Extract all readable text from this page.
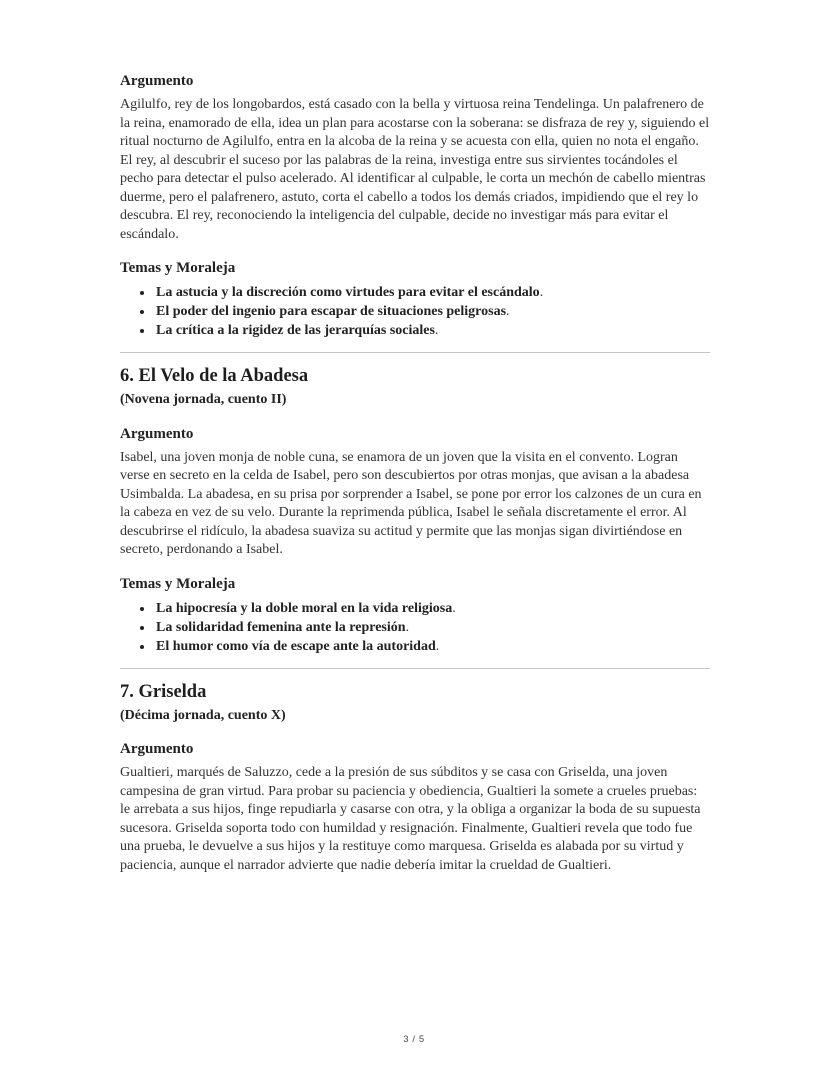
Argumento

Agilulfo, rey de los longobardos, está casado con la bella y virtuosa reina Tendelinga. Un palafrenero de la reina, enamorado de ella, idea un plan para acostarse con la soberana: se disfraza de rey y, siguiendo el ritual nocturno de Agilulfo, entra en la alcoba de la reina y se acuesta con ella, quien no nota el engaño. El rey, al descubrir el suceso por las palabras de la reina, investiga entre sus sirvientes tocándoles el pecho para detectar el pulso acelerado. Al identificar al culpable, le corta un mechón de cabello mientras duerme, pero el palafrenero, astuto, corta el cabello a todos los demás criados, impidiendo que el rey lo descubra. El rey, reconociendo la inteligencia del culpable, decide no investigar más para evitar el escándalo.

Temas y Moraleja
• La astucia y la discreción como virtudes para evitar el escándalo.
• El poder del ingenio para escapar de situaciones peligrosas.
• La crítica a la rigidez de las jerarquías sociales.
6. El Velo de la Abadesa

(Novena jornada, cuento II)

Argumento

Isabel, una joven monja de noble cuna, se enamora de un joven que la visita en el convento. Logran verse en secreto en la celda de Isabel, pero son descubiertos por otras monjas, que avisan a la abadesa Usimbalda. La abadesa, en su prisa por sorprender a Isabel, se pone por error los calzones de un cura en la cabeza en vez de su velo. Durante la reprimenda pública, Isabel le señala discretamente el error. Al descubrirse el ridículo, la abadesa suaviza su actitud y permite que las monjas sigan divirtiéndose en secreto, perdonando a Isabel.

Temas y Moraleja
• La hipocresía y la doble moral en la vida religiosa.
• La solidaridad femenina ante la represión.
• El humor como vía de escape ante la autoridad.
7. Griselda

(Décima jornada, cuento X)

Argumento

Gualtieri, marqués de Saluzzo, cede a la presión de sus súbditos y se casa con Griselda, una joven campesina de gran virtud. Para probar su paciencia y obediencia, Gualtieri la somete a crueles pruebas: le arrebata a sus hijos, finge repudiarla y casarse con otra, y la obliga a organizar la boda de su supuesta sucesora. Griselda soporta todo con humildad y resignación. Finalmente, Gualtieri revela que todo fue una prueba, le devuelve a sus hijos y la restituye como marquesa. Griselda es alabada por su virtud y paciencia, aunque el narrador advierte que nadie debería imitar la crueldad de Gualtieri.

3 / 5
